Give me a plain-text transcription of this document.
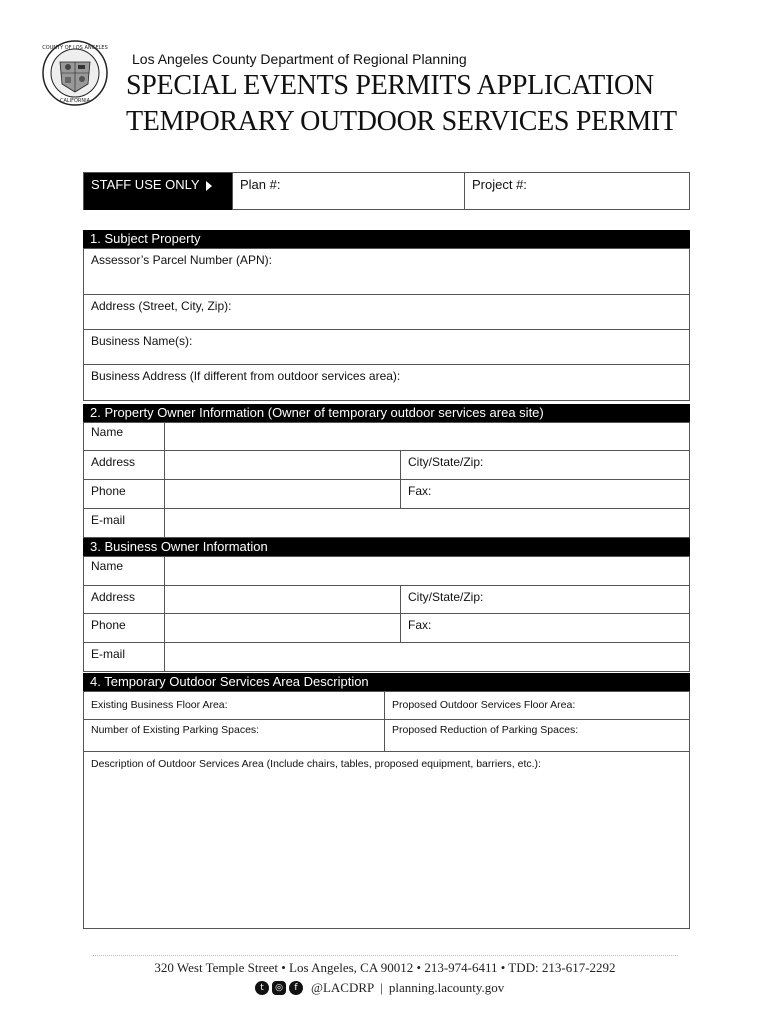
COUNTY OF LOS ANGELES
CALIFORNIA
Los Angeles County Department of Regional Planning
SPECIAL EVENTS PERMITS APPLICATION
TEMPORARY OUTDOOR SERVICES PERMIT
STAFF USE ONLY	Plan #:	Project #:
1. Subject Property
Assessor’s Parcel Number (APN):
Address (Street, City, Zip):
Business Name(s):
Business Address (If different from outdoor services area):
2. Property Owner Information (Owner of temporary outdoor services area site)
Name
Address	City/State/Zip:
Phone	Fax:
E-mail
3. Business Owner Information
Name
Address	City/State/Zip:
Phone	Fax:
E-mail
4. Temporary Outdoor Services Area Description
Existing Business Floor Area:	Proposed Outdoor Services Floor Area:
Number of Existing Parking Spaces:	Proposed Reduction of Parking Spaces:
Description of Outdoor Services Area (Include chairs, tables, proposed equipment, barriers, etc.):
320 West Temple Street • Los Angeles, CA 90012 • 213-974-6411 • TDD: 213-617-2292
t	◎	f	@LACDRP | planning.lacounty.gov
